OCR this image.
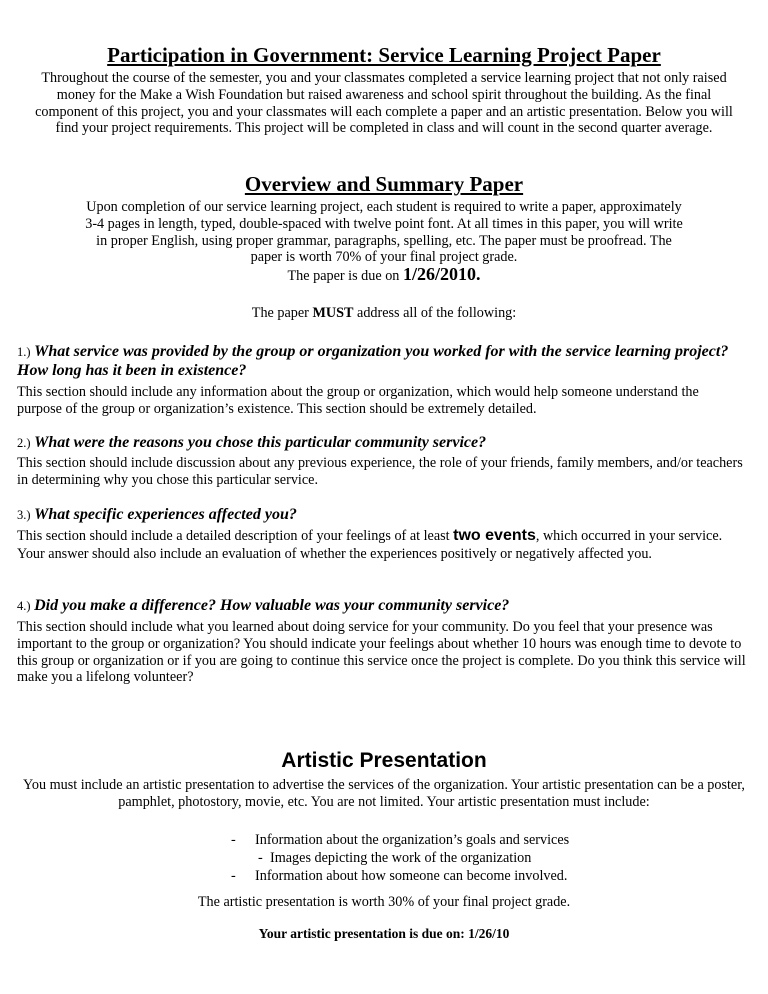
Participation in Government: Service Learning Project Paper

Throughout the course of the semester, you and your classmates completed a service learning project that not only raised money for the Make a Wish Foundation but raised awareness and school spirit throughout the building. As the final component of this project, you and your classmates will each complete a paper and an artistic presentation. Below you will find your project requirements. This project will be completed in class and will count in the second quarter average.

Overview and Summary Paper

Upon completion of our service learning project, each student is required to write a paper, approximately 3-4 pages in length, typed, double-spaced with twelve point font. At all times in this paper, you will write in proper English, using proper grammar, paragraphs, spelling, etc. The paper must be proofread. The paper is worth 70% of your final project grade.

The paper is due on 1/26/2010.
The paper MUST address all of the following:

1.) What service was provided by the group or organization you worked for with the service learning project? How long has it been in existence?

This section should include any information about the group or organization, which would help someone understand the purpose of the group or organization’s existence. This section should be extremely detailed.

2.) What were the reasons you chose this particular community service?

This section should include discussion about any previous experience, the role of your friends, family members, and/or teachers in determining why you chose this particular service.

3.) What specific experiences affected you?

This section should include a detailed description of your feelings of at least two events, which occurred in your service. Your answer should also include an evaluation of whether the experiences positively or negatively affected you.

4.) Did you make a difference? How valuable was your community service?

This section should include what you learned about doing service for your community. Do you feel that your presence was important to the group or organization? You should indicate your feelings about whether 10 hours was enough time to devote to this group or organization or if you are going to continue this service once the project is complete. Do you think this service will make you a lifelong volunteer?

Artistic Presentation

You must include an artistic presentation to advertise the services of the organization. Your artistic presentation can be a poster, pamphlet, photostory, movie, etc. You are not limited. Your artistic presentation must include:

- Information about the organization’s goals and services
- Images depicting the work of the organization
- Information about how someone can become involved.
The artistic presentation is worth 30% of your final project grade.
Your artistic presentation is due on: 1/26/10
